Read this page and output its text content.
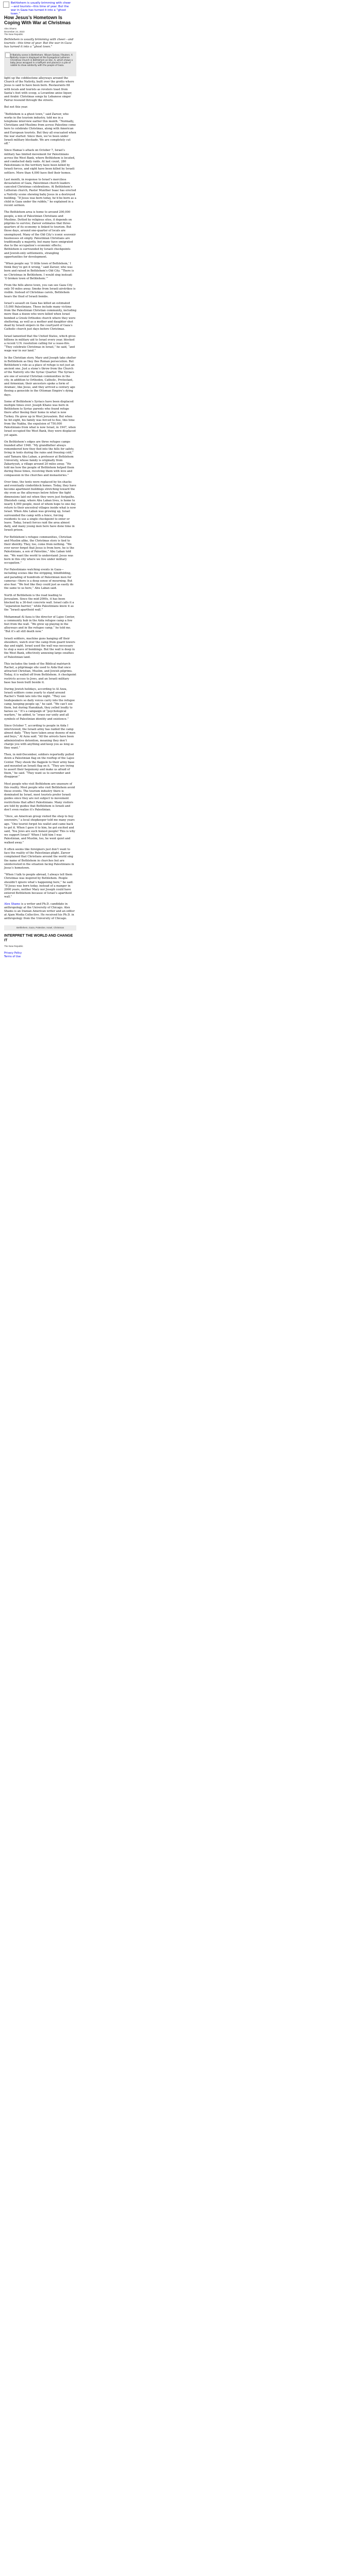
Bethlehem is usually brimming with cheer—and tourists—this time of year. But the war in Gaza has turned it into a “ghost town.”
How Jesus’s Hometown Is Coping With War at Christmas
Alex Shams
December 24, 2023
The New Republic

Bethlehem is usually brimming with cheer—and tourists—this time of year. But the war in Gaza has turned it into a “ghost town.”

A Nativity scene in Bethlehem. Wisam Salsaa / Reuters. A Nativity scene is displayed at the Evangelical Lutheran Christmas Church in Bethlehem on Dec. 6, which shows a baby Jesus wrapped in a kaffiyeh and placed in a pile of rubble to show solidarity with the people of Gaza.

light up the cobblestone alleyways around the Church of the Nativity, built over the grotto where Jesus is said to have been born. Restaurants fill with locals and tourists as revelers toast from Santa’s feet with scoop, a Levantine anise liquor, and Arabic Christmas songs by Lebanese singer Fairuz resound through the streets.

But not this year.

“Bethlehem is a ghost town,” said Zaroor, who works in the tourism industry, told me in a telephone interview earlier this month. “Normally, Christians and Muslims from across Palestine come here to celebrate Christmas, along with American and European tourists. But they all evacuated when the war started. Since then, we’ve been under Israeli military blockade. We are completely cut off.”

Since Hamas’s attack on October 7, Israel’s military has limited movement for Palestinians across the West Bank, where Bethlehem is located, and conducted daily raids. At last count, 280 Palestinians in the territory have been killed by Israeli forces, and eight have been killed by Israeli settlers. More than 4,000 have fled their homes.

Last month, in response to Israel’s merciless devastation of Gaza, Palestinian church leaders canceled Christmas celebrations. At Bethlehem’s Lutheran church, Pastor Munther Isaac has erected a Nativity scene showing baby Jesus in a destroyed building. “If Jesus was born today, he’d be born as a child in Gaza under the rubble,” he explained in a recent sermon.

The Bethlehem area is home to around 200,000 people, a mix of Palestinian Christians and Muslims. Dotted by religious sites, it depends on pilgrims to survive; Zaroor estimates that three-quarters of its economy is linked to tourism. But those days, around one-quarter of locals are unemployed. Many of the Old City’s iconic souvenir businesses sit empty. Palestinian Christians are traditionally a majority, but many have emigrated due to the occupation’s economic effects; Bethlehem is surrounded by Israeli checkpoints and Jewish-only settlements, strangling opportunities for development.

“When people say ‘O little town of Bethlehem,’ I think they’ve got it wrong,” said Zaroor, who was born and raised in Bethlehem’s Old City. “There is no Christmas in Bethlehem. I would sing instead: ‘O broken town of Bethlehem.’”

From the hills above town, you can see Gaza City only 50 miles away. Smoke from Israeli airstrikes is visible. Instead of Christmas carols, Bethlehem hears the thud of Israeli bombs.

Israel’s assault on Gaza has killed an estimated 15,000 Palestinians. These include many victims from the Palestinian Christian community, including more than a dozen who were killed when Israel bombed a Greek Orthodox church where they were sheltering, as well as a mother and daughter shot dead by Israeli snipers in the courtyard of Gaza’s Catholic church just days before Christmas.

Israel lamented that the United States, which gives billions in military aid to Israel every year, blocked a recent U.N. resolution calling for a cease-fire. “They celebrate Christmas in Israel,” he said, “and wage war in our land.”

In the Christian story, Mary and Joseph take shelter in Bethlehem as they flee Roman persecution. But Bethlehem’s role as a place of refuge is not just an ancient one. Just a stone’s throw from the Church of the Nativity sits the Syriac Quarter. The Syriacs are one of several Christian communities in the city, in addition to Orthodox, Catholic, Protestant, and Armenian; their ancestors spoke a form of Aramaic, like Jesus, and they arrived a century ago fleeing a genocide in the Ottoman Empire’s dying days.

Some of Bethlehem’s Syriacs have been displaced multiple times over. Joseph Khano was born in Bethlehem to Syriac parents who found refuge there after fleeing their home in what is now Turkey. He grew up in West Jerusalem. But when he hit eight, his family was forced to flee, this time from the Nakba, the expulsion of 750,000 Palestinians from what is now Israel, in 1947, when Israel occupied the West Bank, they were displaced yet again.

On Bethlehem’s edges are three refugee camps founded after 1948. “My grandfather always remembered how they fled into the hills for safety, living in tents during the rains and freezing cold,” said Tamara Abu Laban, a professor at Bethlehem University, whose family is originally from Zakariyyah, a village around 20 miles away. “He told me how the people of Bethlehem helped them during those times, receiving them with love and compassion in the churches and monasteries.”

Over time, the tents were replaced by tin shacks and eventually cinderblock homes. Today, they have become apartment buildings stretching toward the sky even as the alleyways below follow the tight dimensions laid out when they were just footpaths. Dheisheh camp, where Abu Laban lives, is home to nearly 4,000 people, most of whom hope to one day return to their ancestral villages inside what is now Israel. When Abu Laban was growing up, Israel surrounded the camp with a fence, forcing residents to use a single checkpoint to enter or leave. Today, Israeli forces raid the area almost daily, and many young men here have done time in Israeli prison.

For Bethlehem’s refugee communities, Christian and Muslim alike, the Christmas story is tied to their identity. They, too, come from nothing. “We ever never forget that Jesus is from here, he is the Palestinians, a son of Palestine,” Abu Laban told me. “We want the world to understand: Jesus was born in this city where we live under military occupation.”

For Palestinians watching events in Gaza—including scenes like the stripping, blindfolding, and parading of hundreds of Palestinian men for cameras—there is a deep sense of mourning. But also fear. “We feel like they could just as easily do the same to us here,” Abu Laban said.

North of Bethlehem is the road leading to Jerusalem. Since the mid-2000s, it has been blocked by a 30-foot concrete wall. Israel calls it a “separation barrier,” while Palestinians know it as the “Israeli apartheid wall.”

Mohammad Al Azza is the director of Lajee Center, a community hub in the Aida refugee camp a few feet from the wall. “We grew up playing in the alleyways and in the refugee camp,” he told me. “But it’s all still death now.”

Israeli soldiers, machine guns hanging off their shoulders, watch over the camp from guard towers day and night. Israel used the wall was necessary to stop a wave of bombings. But the wall is deep in the West Bank, effectively annexing large swathes of Palestinian land.

This includes the tomb of the Biblical matriarch Rachel, a pilgrimage site used to Aida that once attracted Christian, Muslim, and Jewish pilgrims. Today, it is walled off from Bethlehem. A checkpoint restricts access to Jews, and an Israeli military base has been built beside it.

During Jewish holidays, according to Al Azza, Israeli soldiers come yearly to stand around Rachel’s Tomb late into the night. “They use loudspeakers so daily voices carry into the refugee camp, keeping people up,” he said. “We can’t see them, but during Hanukkah, they yelled loudly to harass us.” It’s a campaign of “psychological warfare,” he added, to “erase our unity and all symbols of Palestinian identity and existence.”

Since October 7, according to people in Aida I interviewed, the Israeli army has raided the camp almost daily. “They have taken away dozens of men and boys,” Al Azza said. “All the arrests have been administrative detention, meaning they don’t charge you with anything and keep you as long as they want.”

Then, in mid-December, soldiers reportedly pulled down a Palestinian flag on the rooftop of the Lajee Center. They shook the flagpole to their army base and mounted an Israeli flag on it. “They are trying to assert their hegemony and make us afraid of them,” he said. “They want us to surrender and disappear.”

Most people who visit Bethlehem are unaware of this reality. Most people who visit Bethlehem avoid these events. The tourism industry there is dominated by Israel, most tourists prefer Israeli guides since they are not subject to movement restrictions that affect Palestinians. Many visitors are told by guides that Bethlehem is Israeli and don’t even realize it’s Palestinian.

“Once, an American group visited the shop to buy souvenirs,” a local shopkeeper told me many years ago. “One tourist forgot his wallet and came back to get it. When I gave it to him, he got excited and said, ‘You Jews are such honest people! This is why we support Israel!’ When I told him I was Palestinian, and Muslim, too, he went quiet and walked away.”

It often seems like foreigners just don’t want to face the reality of the Palestinian plight. Zaroor complained that Christians around the world sing the name of Bethlehem in churches but are uninterested in the situation facing Palestinians in Jesus’s hometown.

“When I talk to people abroad, I always tell them Christmas was inspired by Bethlehem. People shouldn’t ignore what’s happening here,” he said. “If Jesus was born today, instead of a manger in 2000 years, neither Mary nor Joseph could have entered Bethlehem because of Israel’s apartheid wall.”

Alex Shams is a writer and Ph.D. candidate in anthropology at the University of Chicago. Alex Shams is an Iranian American writer and an editor at Ajam Media Collective. He received his Ph.D. in anthropology from the University of Chicago.

Bethlehem, Gaza, Palestine, Israel, Christmas
INTERPRET THE WORLD AND CHANGE IT
The New Republic
Privacy Policy
Terms of Use
